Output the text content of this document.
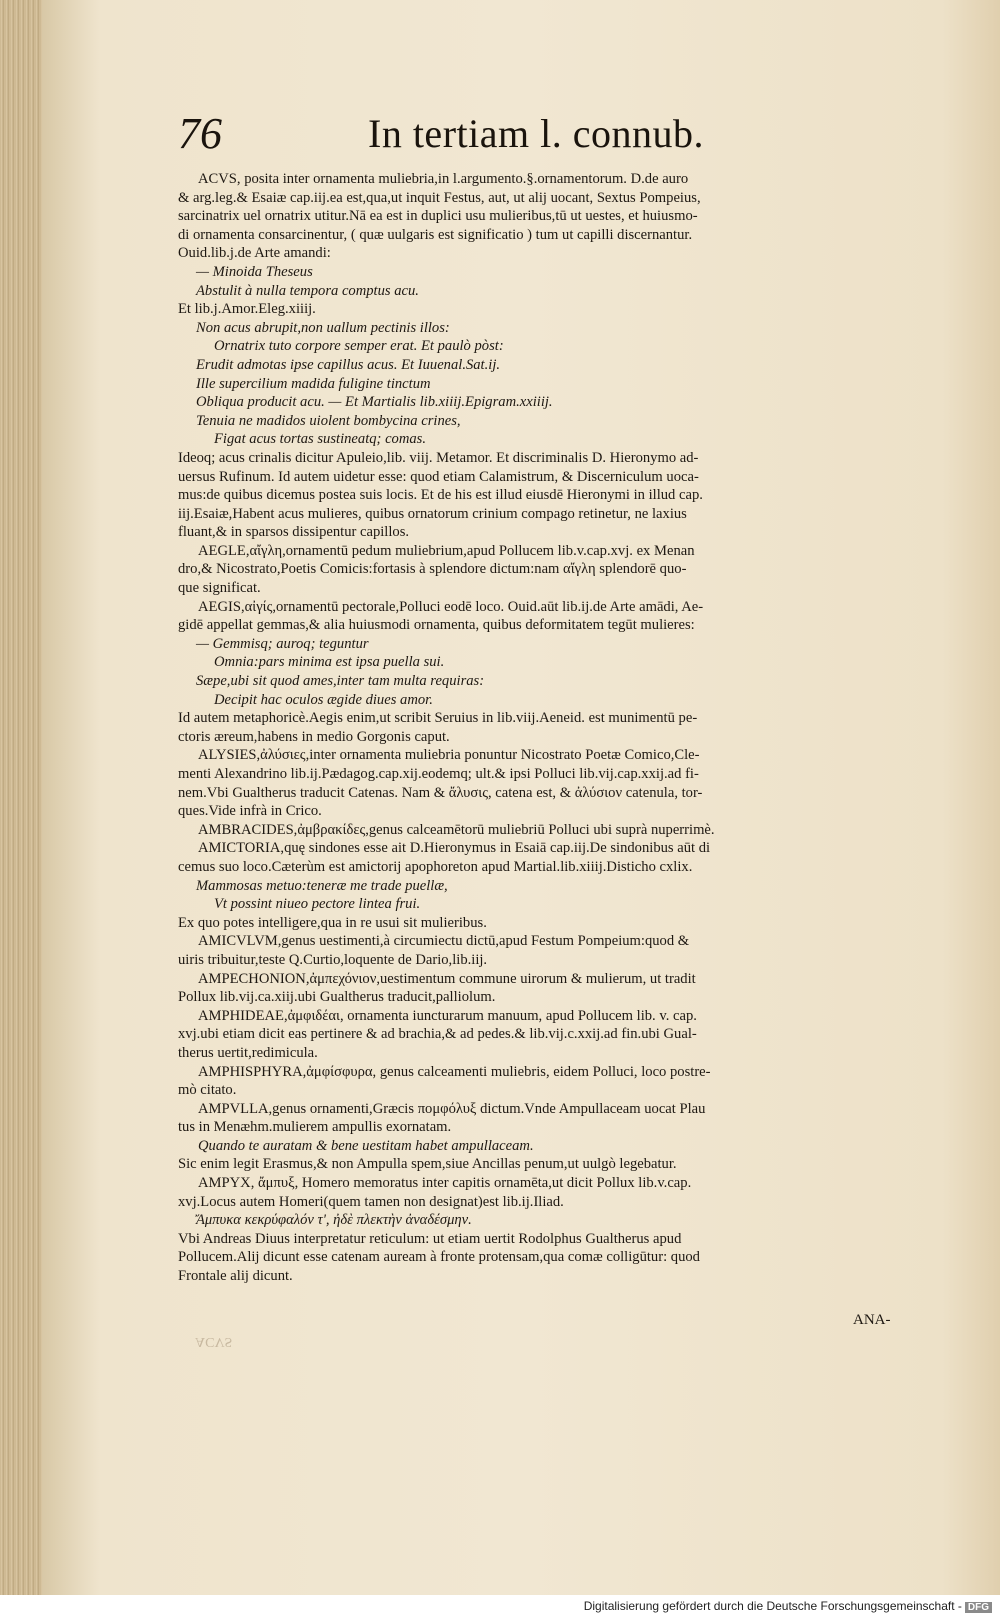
76	In tertiam l. connub.
ACVS, posita inter ornamenta muliebria,in l.argumento.§.ornamentorum. D.de auro
& arg.leg.& Esaiæ cap.iij.ea est,qua,ut inquit Festus, aut, ut alij uocant, Sextus Pompeius,
sarcinatrix uel ornatrix utitur.Nā ea est in duplici usu mulieribus,tū ut uestes, et huiusmo-
di ornamenta consarcinentur, ( quæ uulgaris est significatio ) tum ut capilli discernantur.
Ouid.lib.j.de Arte amandi:
— Minoida Theseus
Abstulit à nulla tempora comptus acu.
Et lib.j.Amor.Eleg.xiiij.
Non acus abrupit,non uallum pectinis illos:
Ornatrix tuto corpore semper erat. Et paulò pòst:
Erudit admotas ipse capillus acus. Et Iuuenal.Sat.ij.
Ille supercilium madida fuligine tinctum
Obliqua producit acu. — Et Martialis lib.xiiij.Epigram.xxiiij.
Tenuia ne madidos uiolent bombycina crines,
Figat acus tortas sustineatq; comas.
Ideoq; acus crinalis dicitur Apuleio,lib. viij. Metamor. Et discriminalis D. Hieronymo ad-
uersus Rufinum. Id autem uidetur esse: quod etiam Calamistrum, & Discerniculum uoca-
mus:de quibus dicemus postea suis locis. Et de his est illud eiusdē Hieronymi in illud cap.
iij.Esaiæ,Habent acus mulieres, quibus ornatorum crinium compago retinetur, ne laxius
fluant,& in sparsos dissipentur capillos.
AEGLE,αἴγλη,ornamentū pedum muliebrium,apud Pollucem lib.v.cap.xvj. ex Menan
dro,& Nicostrato,Poetis Comicis:fortasis à splendore dictum:nam αἴγλη splendorē quo-
que significat.
AEGIS,αἰγίς,ornamentū pectorale,Polluci eodē loco. Ouid.aūt lib.ij.de Arte amādi, Ae-
gidē appellat gemmas,& alia huiusmodi ornamenta, quibus deformitatem tegūt mulieres:
— Gemmisq; auroq; teguntur
Omnia:pars minima est ipsa puella sui.
Sæpe,ubi sit quod ames,inter tam multa requiras:
Decipit hac oculos ægide diues amor.
Id autem metaphoricè.Aegis enim,ut scribit Seruius in lib.viij.Aeneid. est munimentū pe-
ctoris æreum,habens in medio Gorgonis caput.
ALYSIES,ἀλύσιες,inter ornamenta muliebria ponuntur Nicostrato Poetæ Comico,Cle-
menti Alexandrino lib.ij.Pædagog.cap.xij.eodemq; ult.& ipsi Polluci lib.vij.cap.xxij.ad fi-
nem.Vbi Gualtherus traducit Catenas. Nam & ἄλυσις, catena est, & ἀλύσιον catenula, tor-
ques.Vide infrà in Crico.
AMBRACIDES,ἀμβρακίδες,genus calceamētorū muliebriū Polluci ubi suprà nuperrimè.
AMICTORIA,quę sindones esse ait D.Hieronymus in Esaiā cap.iij.De sindonibus aūt di
cemus suo loco.Cæterùm est amictorij apophoreton apud Martial.lib.xiiij.Disticho cxlix.
Mammosas metuo:teneræ me trade puellæ,
Vt possint niueo pectore lintea frui.
Ex quo potes intelligere,qua in re usui sit mulieribus.
AMICVLVM,genus uestimenti,à circumiectu dictū,apud Festum Pompeium:quod &
uiris tribuitur,teste Q.Curtio,loquente de Dario,lib.iij.
AMPECHONION,ἀμπεχόνιον,uestimentum commune uirorum & mulierum, ut tradit
Pollux lib.vij.ca.xiij.ubi Gualtherus traducit,palliolum.
AMPHIDEAE,ἀμφιδέαι, ornamenta iuncturarum manuum, apud Pollucem lib. v. cap.
xvj.ubi etiam dicit eas pertinere & ad brachia,& ad pedes.& lib.vij.c.xxij.ad fin.ubi Gual-
therus uertit,redimicula.
AMPHISPHYRA,ἀμφίσφυρα, genus calceamenti muliebris, eidem Polluci, loco postre-
mò citato.
AMPVLLA,genus ornamenti,Græcis πομφόλυξ dictum.Vnde Ampullaceam uocat Plau
tus in Menæhm.mulierem ampullis exornatam.
Quando te auratam & bene uestitam habet ampullaceam.
Sic enim legit Erasmus,& non Ampulla spem,siue Ancillas penum,ut uulgò legebatur.
AMPYX, ἄμπυξ, Homero memoratus inter capitis ornamēta,ut dicit Pollux lib.v.cap.
xvj.Locus autem Homeri(quem tamen non designat)est lib.ij.Iliad.
Ἄμπυκα κεκρύφαλόν τ', ἠδὲ πλεκτὴν ἀναδέσμην.
Vbi Andreas Diuus interpretatur reticulum: ut etiam uertit Rodolphus Gualtherus apud
Pollucem.Alij dicunt esse catenam auream à fronte protensam,qua comæ colligūtur: quod
Frontale alij dicunt.
ANA-
ACVS
Digitalisierung gefördert durch die Deutsche Forschungsgemeinschaft - DFG
